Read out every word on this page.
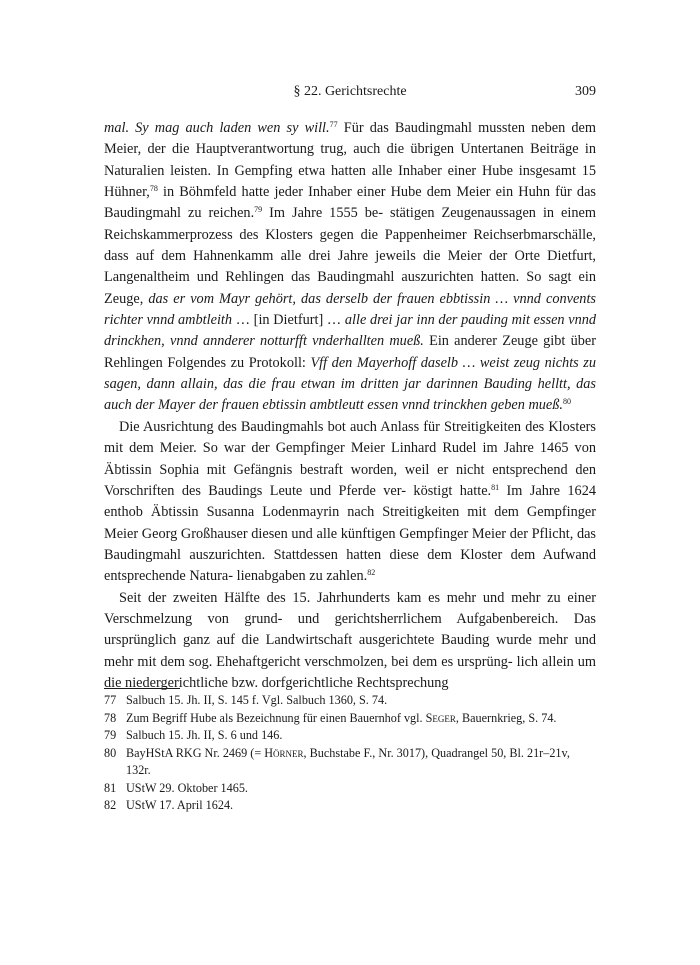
§ 22. Gerichtsrechte	309

mal. Sy mag auch laden wen sy will.$^{77}$ Für das Baudingmahl mussten neben dem Meier, der die Hauptverantwortung trug, auch die übrigen Untertanen Beiträge in Naturalien leisten. In Gempfing etwa hatten alle Inhaber einer Hube insgesamt 15 Hühner,$^{78}$ in Böhmfeld hatte jeder Inhaber einer Hube dem Meier ein Huhn für das Baudingmahl zu reichen.$^{79}$ Im Jahre 1555 be- stätigen Zeugenaussagen in einem Reichskammerprozess des Klosters gegen die Pappenheimer Reichserbmarschälle, dass auf dem Hahnenkamm alle drei Jahre jeweils die Meier der Orte Dietfurt, Langenaltheim und Rehlingen das Baudingmahl auszurichten hatten. So sagt ein Zeuge, das er vom Mayr gehört, das derselb der frauen ebbtissin … vnnd convents richter vnnd ambtleith … [in Dietfurt] … alle drei jar inn der pauding mit essen vnnd drinckhen, vnnd annderer notturfft vnderhallten mueß. Ein anderer Zeuge gibt über Rehlingen Folgendes zu Protokoll: Vff den Mayerhoff daselb … weist zeug nichts zu sagen, dann allain, das die frau etwan im dritten jar darinnen Bauding helltt, das auch der Mayer der frauen ebtissin ambtleutt essen vnnd trinckhen geben mueß.$^{80}$

Die Ausrichtung des Baudingmahls bot auch Anlass für Streitigkeiten des Klosters mit dem Meier. So war der Gempfinger Meier Linhard Rudel im Jahre 1465 von Äbtissin Sophia mit Gefängnis bestraft worden, weil er nicht entsprechend den Vorschriften des Baudings Leute und Pferde ver- köstigt hatte.$^{81}$ Im Jahre 1624 enthob Äbtissin Susanna Lodenmayrin nach Streitigkeiten mit dem Gempfinger Meier Georg Großhauser diesen und alle künftigen Gempfinger Meier der Pflicht, das Baudingmahl auszurichten. Stattdessen hatten diese dem Kloster dem Aufwand entsprechende Natura- lienabgaben zu zahlen.$^{82}$

Seit der zweiten Hälfte des 15. Jahrhunderts kam es mehr und mehr zu einer Verschmelzung von grund- und gerichtsherrlichem Aufgabenbereich. Das ursprünglich ganz auf die Landwirtschaft ausgerichtete Bauding wurde mehr und mehr mit dem sog. Ehehaftgericht verschmolzen, bei dem es ursprüng- lich allein um die niedergerichtliche bzw. dorfgerichtliche Rechtsprechung

77 Salbuch 15. Jh. II, S. 145 f. Vgl. Salbuch 1360, S. 74.
78 Zum Begriff Hube als Bezeichnung für einen Bauernhof vgl. Seger, Bauernkrieg, S. 74.
79 Salbuch 15. Jh. II, S. 6 und 146.
80 BayHStA RKG Nr. 2469 (= Hörner, Buchstabe F., Nr. 3017), Quadrangel 50, Bl. 21r–21v, 132r.
81 UStW 29. Oktober 1465.
82 UStW 17. April 1624.
